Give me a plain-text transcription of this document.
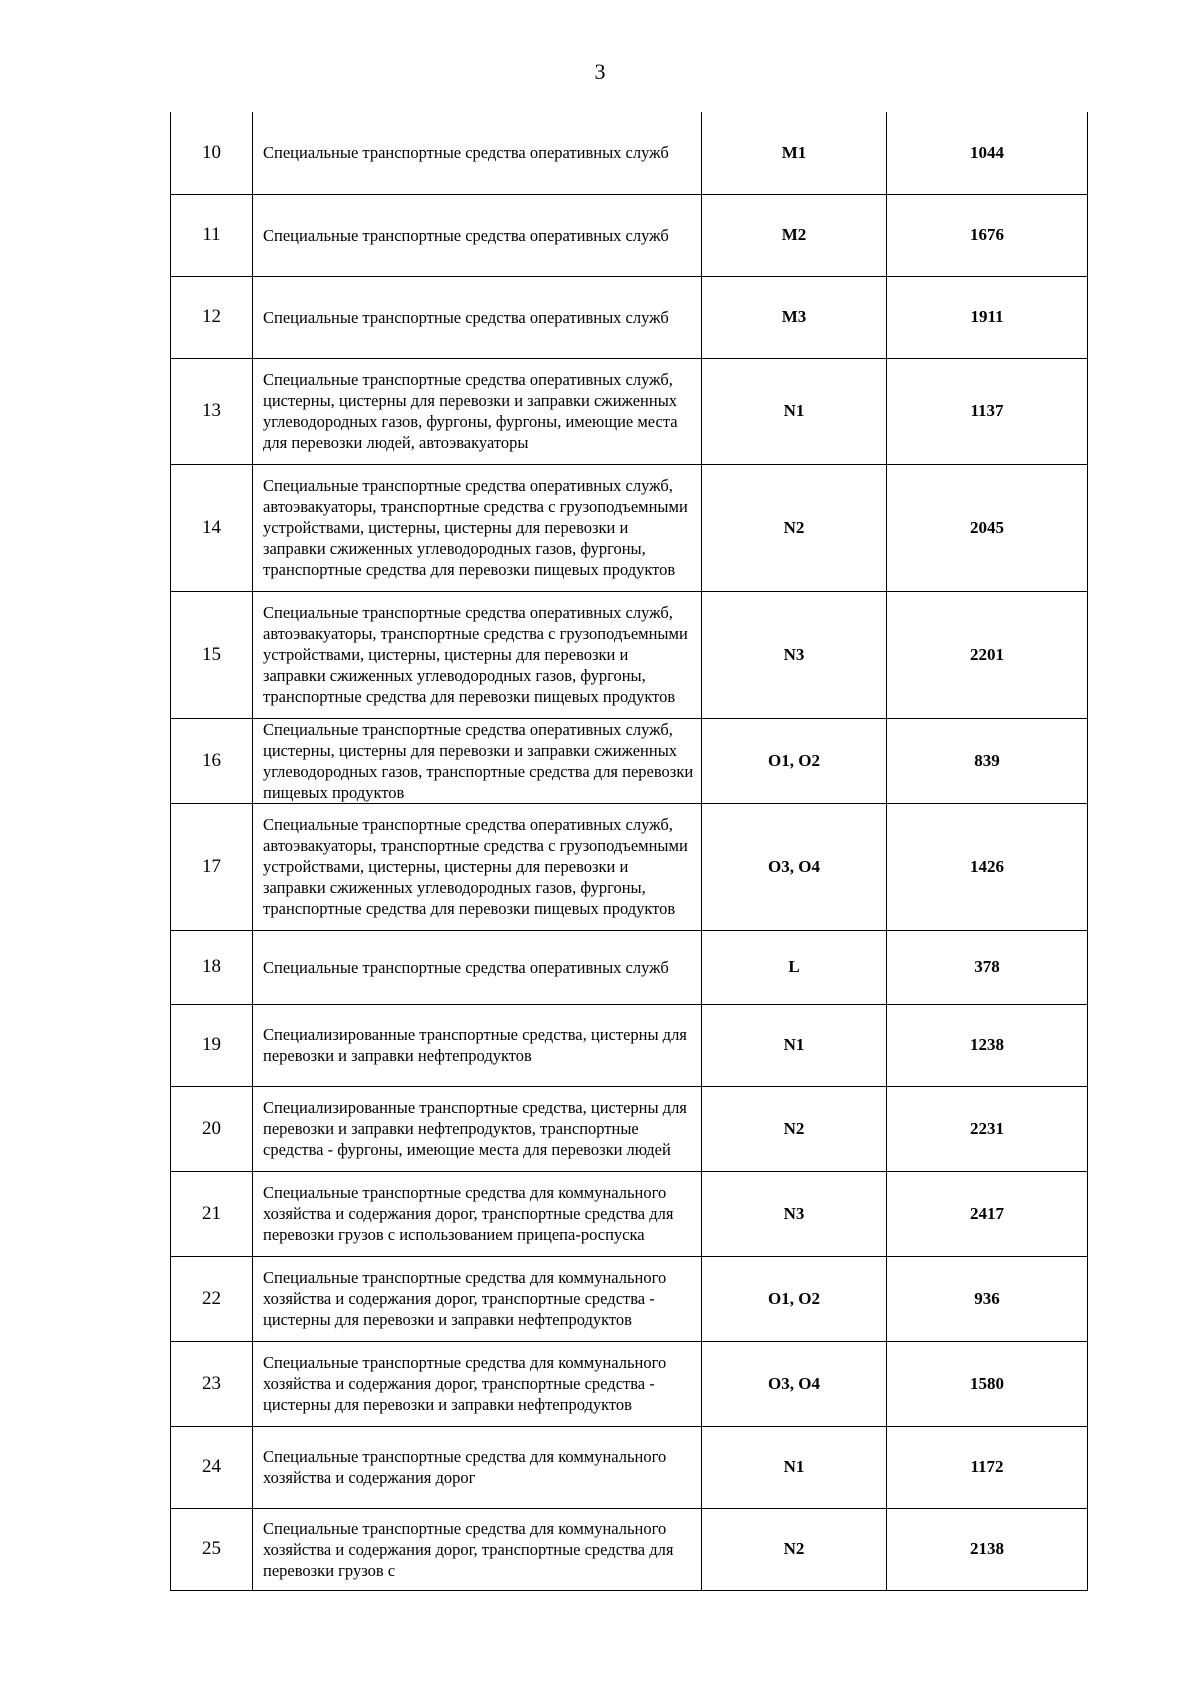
3
10	Специальные транспортные средства оперативных служб	M1	1044
11	Специальные транспортные средства оперативных служб	M2	1676
12	Специальные транспортные средства оперативных служб	M3	1911
13	Специальные транспортные средства оперативных служб, цистерны, цистерны для перевозки и заправки сжиженных углеводородных газов, фургоны, фургоны, имеющие места для перевозки людей, автоэвакуаторы	N1	1137
14	Специальные транспортные средства оперативных служб, автоэвакуаторы, транспортные средства с грузоподъемными устройствами, цистерны, цистерны для перевозки и заправки сжиженных углеводородных газов, фургоны, транспортные средства для перевозки пищевых продуктов	N2	2045
15	Специальные транспортные средства оперативных служб, автоэвакуаторы, транспортные средства с грузоподъемными устройствами, цистерны, цистерны для перевозки и заправки сжиженных углеводородных газов, фургоны, транспортные средства для перевозки пищевых продуктов	N3	2201
16	Специальные транспортные средства оперативных служб, цистерны, цистерны для перевозки и заправки сжиженных углеводородных газов, транспортные средства для перевозки пищевых продуктов	O1, O2	839
17	Специальные транспортные средства оперативных служб, автоэвакуаторы, транспортные средства с грузоподъемными устройствами, цистерны, цистерны для перевозки и заправки сжиженных углеводородных газов, фургоны, транспортные средства для перевозки пищевых продуктов	O3, O4	1426
18	Специальные транспортные средства оперативных служб	L	378
19	Специализированные транспортные средства, цистерны для перевозки и заправки нефтепродуктов	N1	1238
20	Специализированные транспортные средства, цистерны для перевозки и заправки нефтепродуктов, транспортные средства - фургоны, имеющие места для перевозки людей	N2	2231
21	Специальные транспортные средства для коммунального хозяйства и содержания дорог, транспортные средства для перевозки грузов с использованием прицепа-роспуска	N3	2417
22	Специальные транспортные средства для коммунального хозяйства и содержания дорог, транспортные средства - цистерны для перевозки и заправки нефтепродуктов	O1, O2	936
23	Специальные транспортные средства для коммунального хозяйства и содержания дорог, транспортные средства - цистерны для перевозки и заправки нефтепродуктов	O3, O4	1580
24	Специальные транспортные средства для коммунального хозяйства и содержания дорог	N1	1172
25	Специальные транспортные средства для коммунального хозяйства и содержания дорог, транспортные средства для перевозки грузов с	N2	2138
